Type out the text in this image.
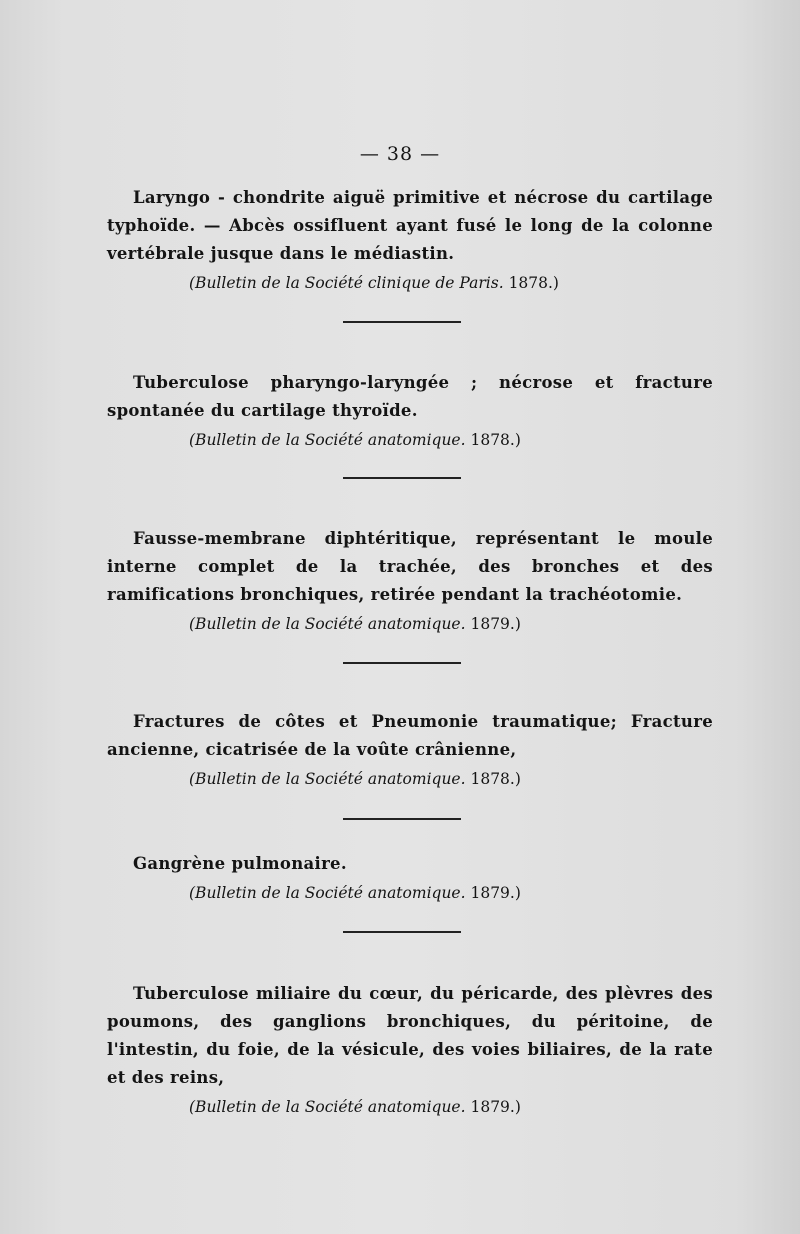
— 38 —

Laryngo - chondrite aiguë primitive et nécrose du cartilage typhoïde. — Abcès ossifluent ayant fusé le long de la colonne vertébrale jusque dans le médiastin.

(Bulletin de la Société clinique de Paris. 1878.)

Tuberculose pharyngo-laryngée ; nécrose et fracture spontanée du cartilage thyroïde.

(Bulletin de la Société anatomique. 1878.)

Fausse-membrane diphtéritique, représentant le moule interne complet de la trachée, des bronches et des ramifications bronchiques, retirée pendant la trachéotomie.

(Bulletin de la Société anatomique. 1879.)

Fractures de côtes et Pneumonie traumatique; Fracture ancienne, cicatrisée de la voûte crânienne,

(Bulletin de la Société anatomique. 1878.)

Gangrène pulmonaire.

(Bulletin de la Société anatomique. 1879.)

Tuberculose miliaire du cœur, du péricarde, des plèvres des poumons, des ganglions bronchiques, du péritoine, de l'intestin, du foie, de la vésicule, des voies biliaires, de la rate et des reins,

(Bulletin de la Société anatomique. 1879.)
